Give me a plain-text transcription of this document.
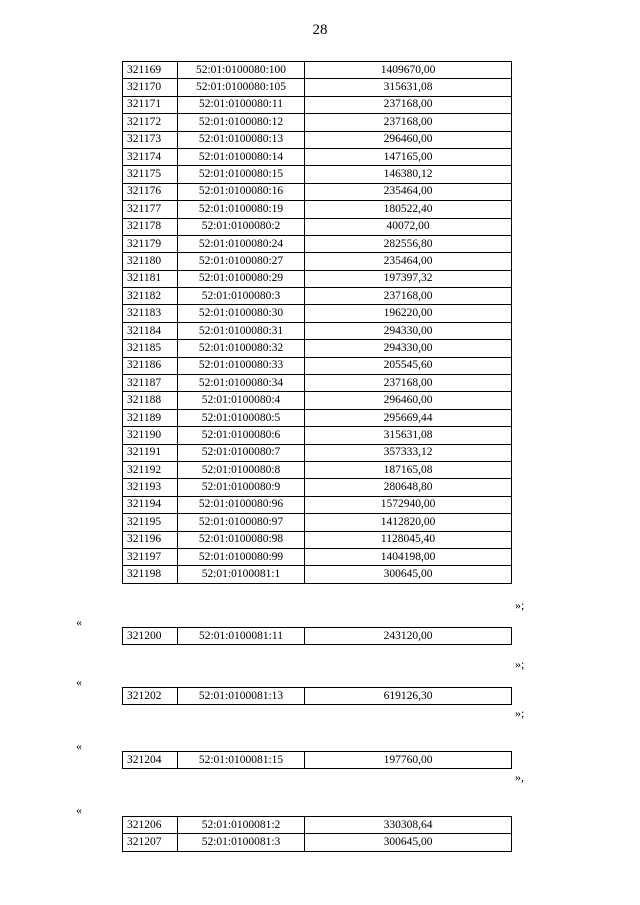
28
321169	52:01:0100080:100	1409670,00
321170	52:01:0100080:105	315631,08
321171	52:01:0100080:11	237168,00
321172	52:01:0100080:12	237168,00
321173	52:01:0100080:13	296460,00
321174	52:01:0100080:14	147165,00
321175	52:01:0100080:15	146380,12
321176	52:01:0100080:16	235464,00
321177	52:01:0100080:19	180522,40
321178	52:01:0100080:2	40072,00
321179	52:01:0100080:24	282556,80
321180	52:01:0100080:27	235464,00
321181	52:01:0100080:29	197397,32
321182	52:01:0100080:3	237168,00
321183	52:01:0100080:30	196220,00
321184	52:01:0100080:31	294330,00
321185	52:01:0100080:32	294330,00
321186	52:01:0100080:33	205545,60
321187	52:01:0100080:34	237168,00
321188	52:01:0100080:4	296460,00
321189	52:01:0100080:5	295669,44
321190	52:01:0100080:6	315631,08
321191	52:01:0100080:7	357333,12
321192	52:01:0100080:8	187165,08
321193	52:01:0100080:9	280648,80
321194	52:01:0100080:96	1572940,00
321195	52:01:0100080:97	1412820,00
321196	52:01:0100080:98	1128045,40
321197	52:01:0100080:99	1404198,00
321198	52:01:0100081:1	300645,00
»;
«
321200	52:01:0100081:11	243120,00
»;
«
321202	52:01:0100081:13	619126,30
»;
«
321204	52:01:0100081:15	197760,00
»,
«
321206	52:01:0100081:2	330308,64
321207	52:01:0100081:3	300645,00
